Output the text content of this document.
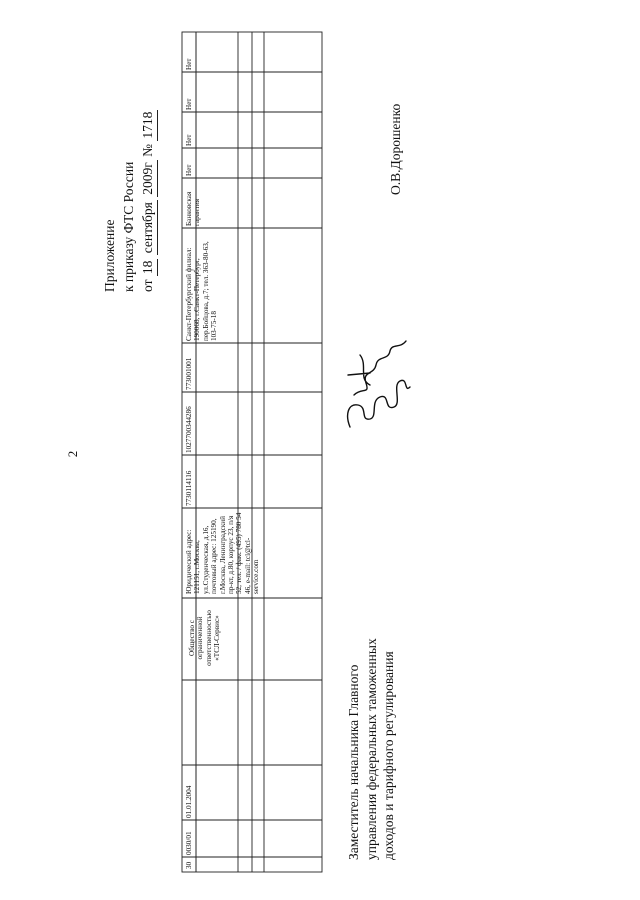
2
Приложение к приказу ФТС России от 18 сентября 2009г № 1718
30
0030/01
01.01.2004
Общество с ограниченной ответственностью «ТСЛ-Сервис»
Юридический адрес: 121151, г.Москва, ул.Студенческая, д.16, почтовый адрес: 125190, г.Москва, Ленинградский пр-кт, д.80, корпус 23, п/я 52, тел. / факс (495) 780 54 46, e-mail: tcl@tcl-service.com
7730114116
1027700344286
773001001
Санкт-Петербургский филиал: 190068, г.Санкт-Петербург, пер.Бойцова, д.7; тел. 363-80-63, 103-75-18
Банковская гарантия
Нет
Нет
Нет
Нет
Заместитель начальника Главного управления федеральных таможенных доходов и тарифного регулирования
О.В.Дорошенко
